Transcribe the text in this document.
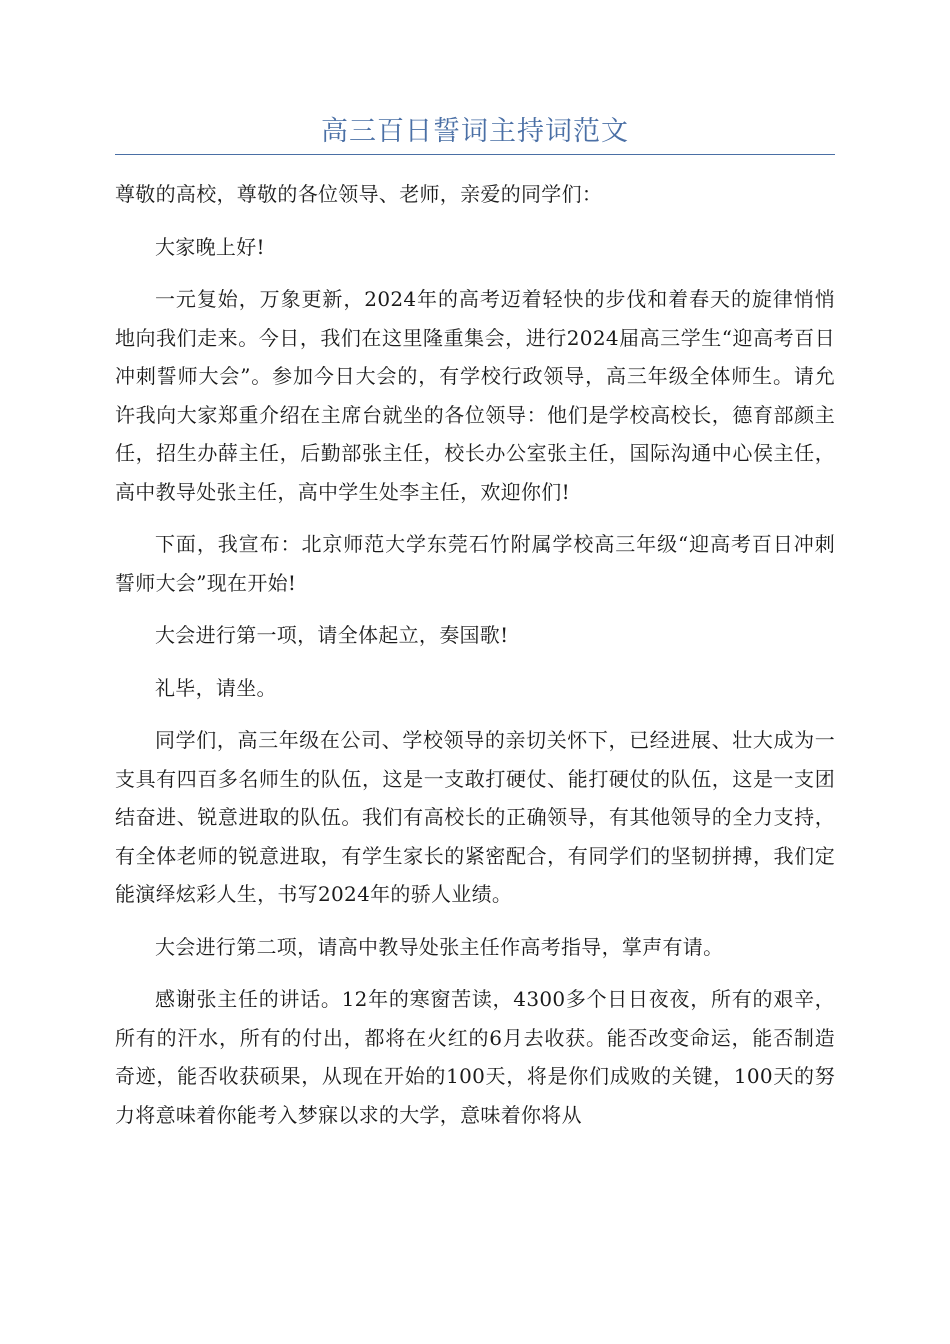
高三百日誓词主持词范文

尊敬的高校，尊敬的各位领导、老师，亲爱的同学们：

大家晚上好!

一元复始，万象更新，2024年的高考迈着轻快的步伐和着春天的旋律悄悄地向我们走来。今日，我们在这里隆重集会，进行2024届高三学生“迎高考百日冲刺誓师大会”。参加今日大会的，有学校行政领导，高三年级全体师生。请允许我向大家郑重介绍在主席台就坐的各位领导：他们是学校高校长，德育部颜主任，招生办薛主任，后勤部张主任，校长办公室张主任，国际沟通中心侯主任，高中教导处张主任，高中学生处李主任，欢迎你们!

下面，我宣布：北京师范大学东莞石竹附属学校高三年级“迎高考百日冲刺誓师大会”现在开始!

大会进行第一项，请全体起立，奏国歌!

礼毕，请坐。

同学们，高三年级在公司、学校领导的亲切关怀下，已经进展、壮大成为一支具有四百多名师生的队伍，这是一支敢打硬仗、能打硬仗的队伍，这是一支团结奋进、锐意进取的队伍。我们有高校长的正确领导，有其他领导的全力支持，有全体老师的锐意进取，有学生家长的紧密配合，有同学们的坚韧拼搏，我们定能演绎炫彩人生，书写2024年的骄人业绩。

大会进行第二项，请高中教导处张主任作高考指导，掌声有请。

感谢张主任的讲话。12年的寒窗苦读，4300多个日日夜夜，所有的艰辛，所有的汗水，所有的付出，都将在火红的6月去收获。能否改变命运，能否制造奇迹，能否收获硕果，从现在开始的100天，将是你们成败的关键，100天的努力将意味着你能考入梦寐以求的大学，意味着你将从
